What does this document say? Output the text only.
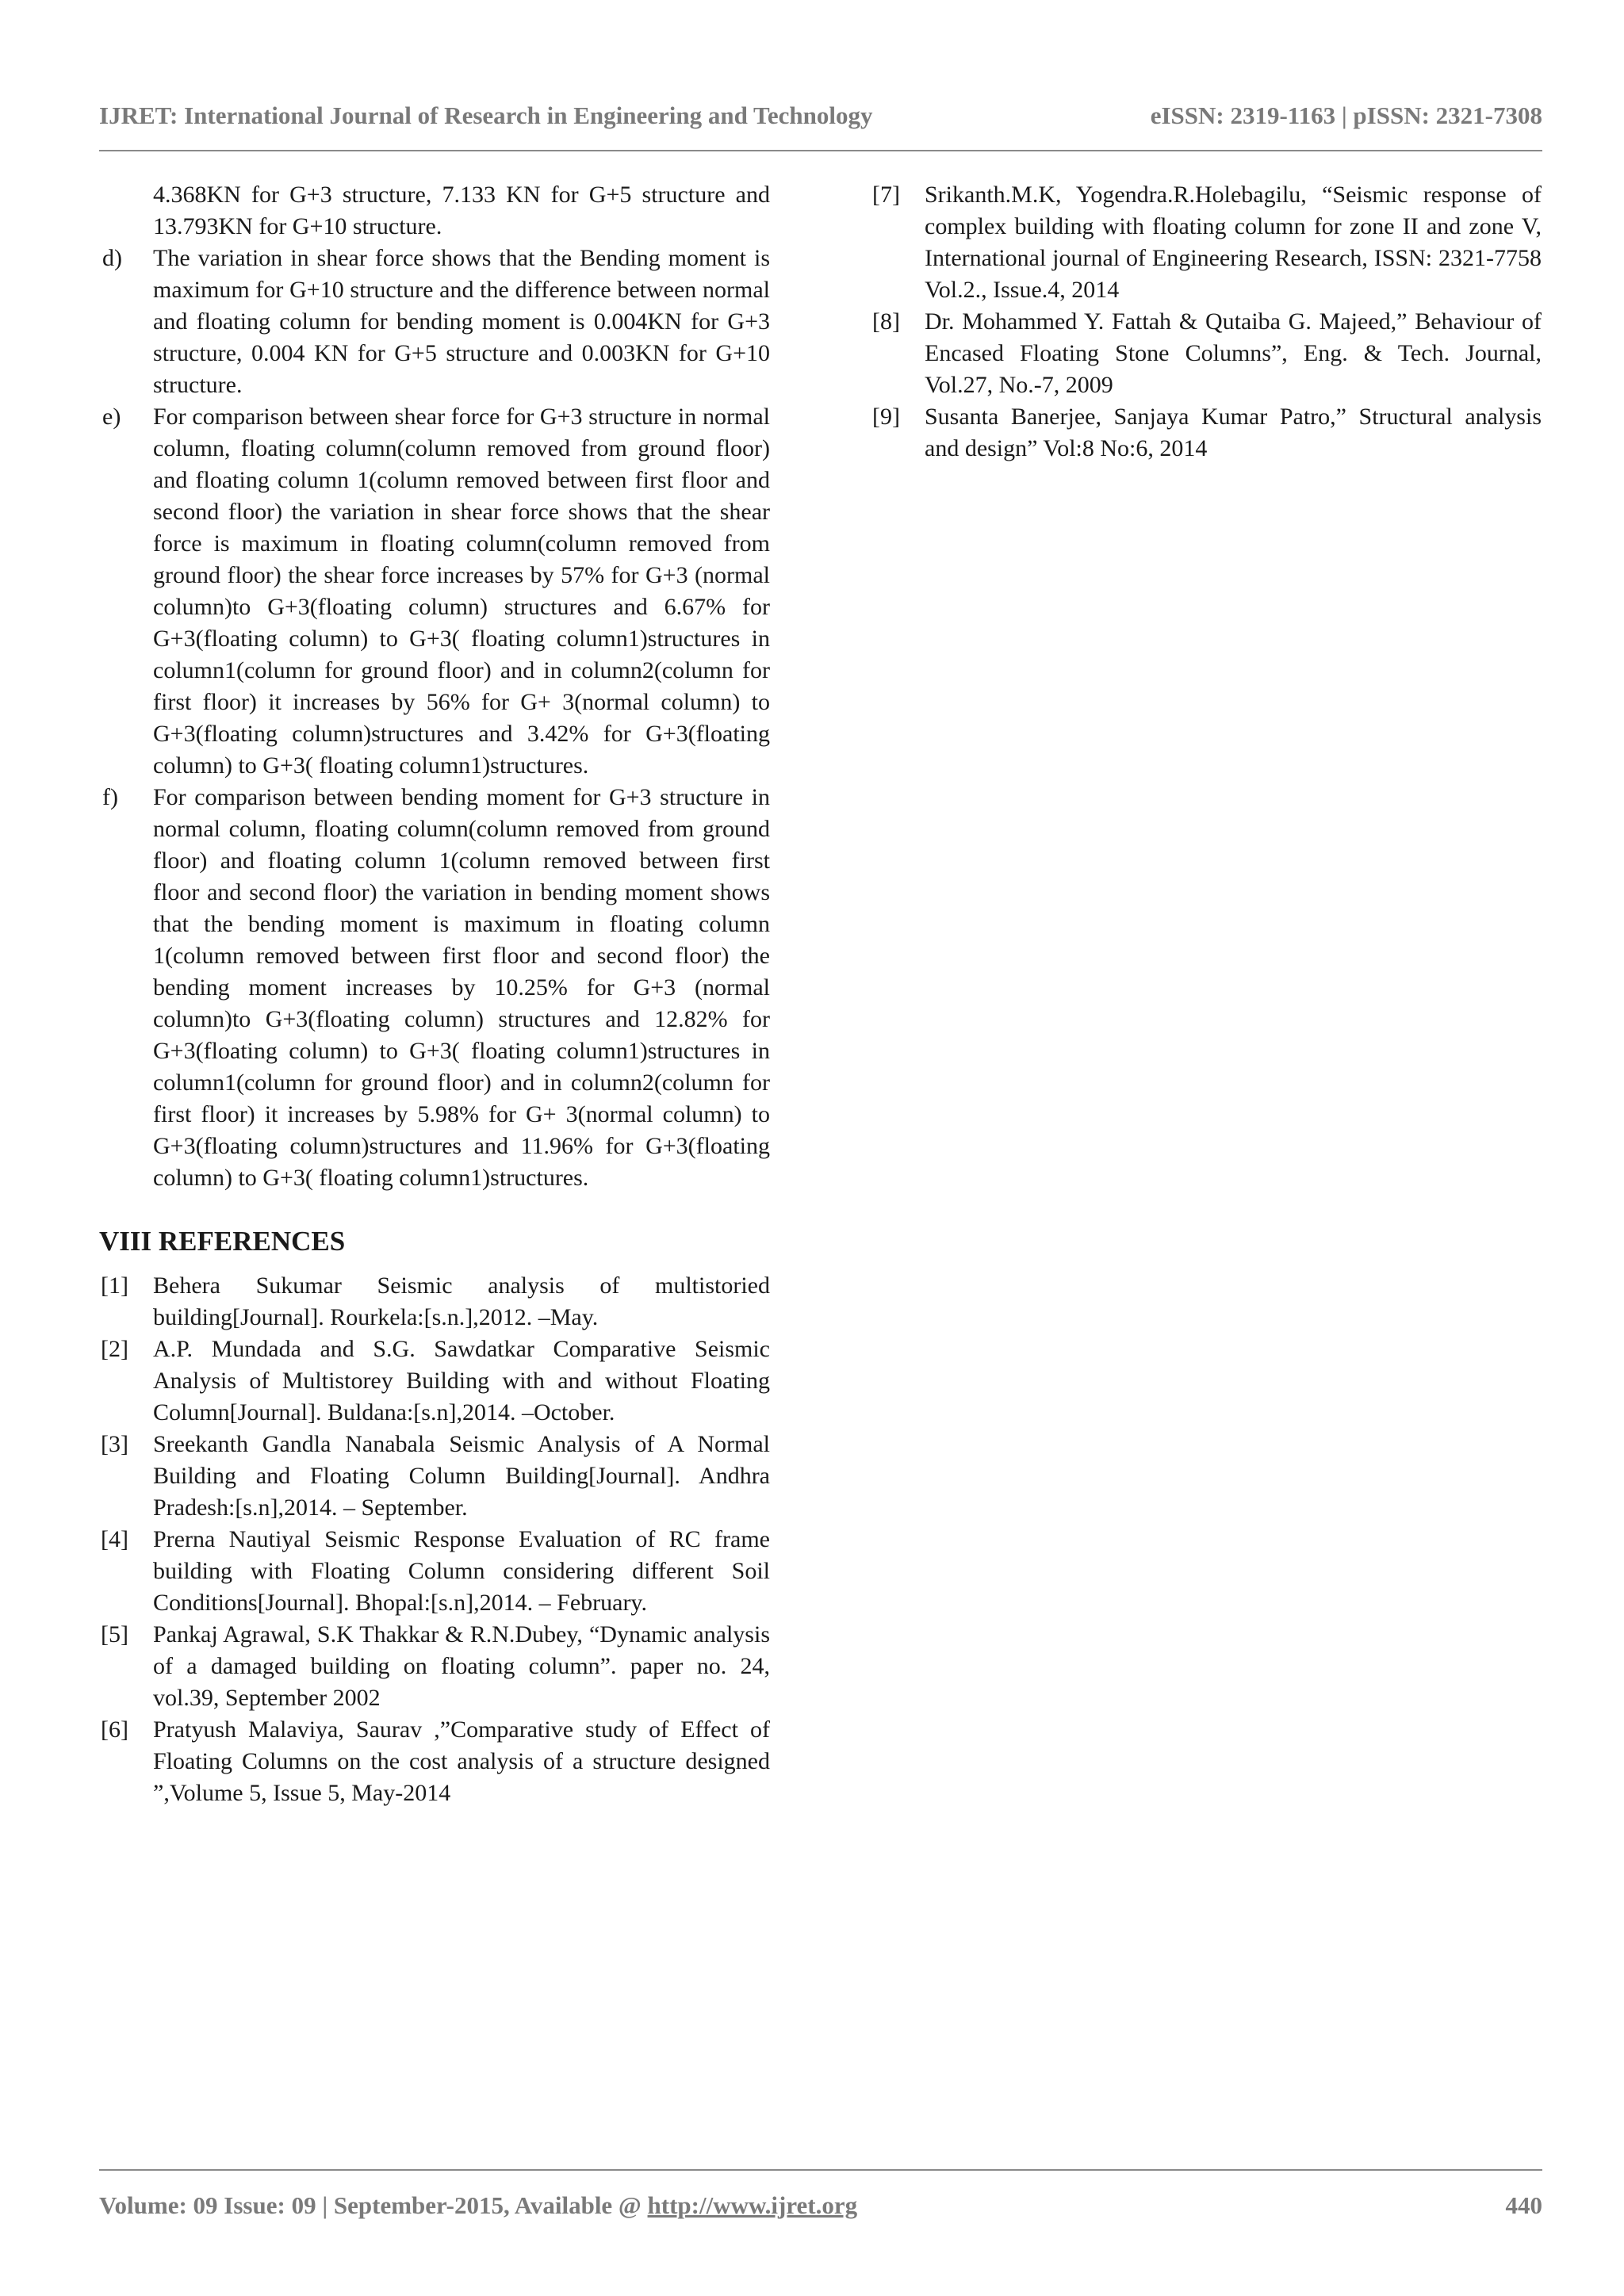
IJRET: International Journal of Research in Engineering and Technology	eISSN: 2319-1163 | pISSN: 2321-7308
4.368KN for G+3 structure, 7.133 KN for G+5 structure and 13.793KN for G+10 structure.
d)	The variation in shear force shows that the Bending moment is maximum for G+10 structure and the difference between normal and floating column for bending moment is 0.004KN for G+3 structure, 0.004 KN for G+5 structure and 0.003KN for G+10 structure.
e)	For comparison between shear force for G+3 structure in normal column, floating column(column removed from ground floor) and floating column 1(column removed between first floor and second floor) the variation in shear force shows that the shear force is maximum in floating column(column removed from ground floor) the shear force increases by 57% for G+3 (normal column)to G+3(floating column) structures and 6.67% for G+3(floating column) to G+3( floating column1)structures in column1(column for ground floor) and in column2(column for first floor) it increases by 56% for G+ 3(normal column) to G+3(floating column)structures and 3.42% for G+3(floating column) to G+3( floating column1)structures.
f)	For comparison between bending moment for G+3 structure in normal column, floating column(column removed from ground floor) and floating column 1(column removed between first floor and second floor) the variation in bending moment shows that the bending moment is maximum in floating column 1(column removed between first floor and second floor) the bending moment increases by 10.25% for G+3 (normal column)to G+3(floating column) structures and 12.82% for G+3(floating column) to G+3( floating column1)structures in column1(column for ground floor) and in column2(column for first floor) it increases by 5.98% for G+ 3(normal column) to G+3(floating column)structures and 11.96% for G+3(floating column) to G+3( floating column1)structures.
VIII REFERENCES
[1]	Behera Sukumar Seismic analysis of multistoried building[Journal]. Rourkela:[s.n.],2012. –May.
[2]	A.P. Mundada and S.G. Sawdatkar Comparative Seismic Analysis of Multistorey Building with and without Floating Column[Journal]. Buldana:[s.n],2014. –October.
[3]	Sreekanth Gandla Nanabala Seismic Analysis of A Normal Building and Floating Column Building[Journal]. Andhra Pradesh:[s.n],2014. – September.
[4]	Prerna Nautiyal Seismic Response Evaluation of RC frame building with Floating Column considering different Soil Conditions[Journal]. Bhopal:[s.n],2014. – February.
[5]	Pankaj Agrawal, S.K Thakkar & R.N.Dubey, “Dynamic analysis of a damaged building on floating column”. paper no. 24, vol.39, September 2002
[6]	Pratyush Malaviya, Saurav ,”Comparative study of Effect of Floating Columns on the cost analysis of a structure designed ”,Volume 5, Issue 5, May-2014
[7]	Srikanth.M.K, Yogendra.R.Holebagilu, “Seismic response of complex building with floating column for zone II and zone V, International journal of Engineering Research, ISSN: 2321-7758 Vol.2., Issue.4, 2014
[8]	Dr. Mohammed Y. Fattah & Qutaiba G. Majeed,” Behaviour of Encased Floating Stone Columns”, Eng. & Tech. Journal, Vol.27, No.-7, 2009
[9]	Susanta Banerjee, Sanjaya Kumar Patro,” Structural analysis and design” Vol:8 No:6, 2014
Volume: 09 Issue: 09 | September-2015, Available @ http://www.ijret.org	440
